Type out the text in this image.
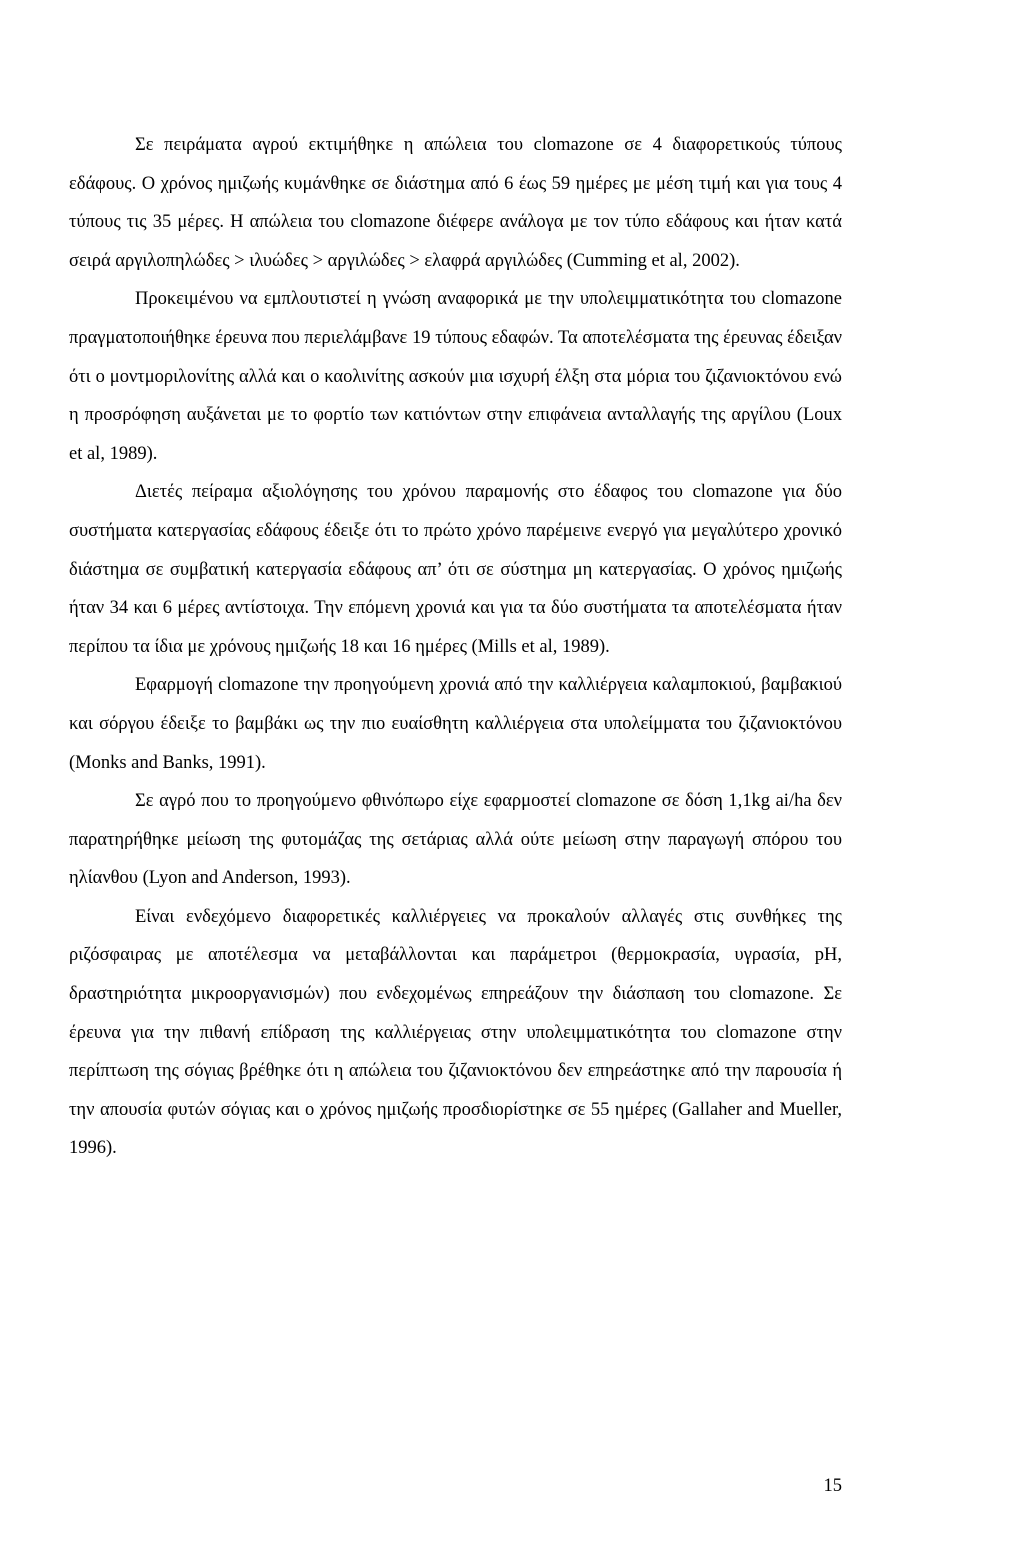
Σε πειράματα αγρού εκτιμήθηκε η απώλεια του clomazone σε 4 διαφορετικούς τύπους εδάφους. Ο χρόνος ημιζωής κυμάνθηκε σε διάστημα από 6 έως 59 ημέρες με μέση τιμή και για τους 4 τύπους τις 35 μέρες. Η απώλεια του clomazone διέφερε ανάλογα με τον τύπο εδάφους και ήταν κατά σειρά αργιλοπηλώδες > ιλυώδες > αργιλώδες > ελαφρά αργιλώδες (Cumming et al, 2002).

Προκειμένου να εμπλουτιστεί η γνώση αναφορικά με την υπολειμματικότητα του clomazone πραγματοποιήθηκε έρευνα που περιελάμβανε 19 τύπους εδαφών. Τα αποτελέσματα της έρευνας έδειξαν ότι ο μοντμοριλονίτης αλλά και ο καολινίτης ασκούν μια ισχυρή έλξη στα μόρια του ζιζανιοκτόνου ενώ η προσρόφηση αυξάνεται με το φορτίο των κατιόντων στην επιφάνεια ανταλλαγής της αργίλου (Loux et al, 1989).

Διετές πείραμα αξιολόγησης του χρόνου παραμονής στο έδαφος του clomazone για δύο συστήματα κατεργασίας εδάφους έδειξε ότι το πρώτο χρόνο παρέμεινε ενεργό για μεγαλύτερο χρονικό διάστημα σε συμβατική κατεργασία εδάφους απ’ ότι σε σύστημα μη κατεργασίας. Ο χρόνος ημιζωής ήταν 34 και 6 μέρες αντίστοιχα. Την επόμενη χρονιά και για τα δύο συστήματα τα αποτελέσματα ήταν περίπου τα ίδια με χρόνους ημιζωής 18 και 16 ημέρες (Mills et al, 1989).

Εφαρμογή clomazone την προηγούμενη χρονιά από την καλλιέργεια καλαμποκιού, βαμβακιού και σόργου έδειξε το βαμβάκι ως την πιο ευαίσθητη καλλιέργεια στα υπολείμματα του ζιζανιοκτόνου (Monks and Banks, 1991).

Σε αγρό που το προηγούμενο φθινόπωρο είχε εφαρμοστεί clomazone σε δόση 1,1kg ai/ha δεν παρατηρήθηκε μείωση της φυτομάζας της σετάριας αλλά ούτε μείωση στην παραγωγή σπόρου του ηλίανθου (Lyon and Anderson, 1993).

Είναι ενδεχόμενο διαφορετικές καλλιέργειες να προκαλούν αλλαγές στις συνθήκες της ριζόσφαιρας με αποτέλεσμα να μεταβάλλονται και παράμετροι (θερμοκρασία, υγρασία, pH, δραστηριότητα μικροοργανισμών) που ενδεχομένως επηρεάζουν την διάσπαση του clomazone. Σε έρευνα για την πιθανή επίδραση της καλλιέργειας στην υπολειμματικότητα του clomazone στην περίπτωση της σόγιας βρέθηκε ότι η απώλεια του ζιζανιοκτόνου δεν επηρεάστηκε από την παρουσία ή την απουσία φυτών σόγιας και ο χρόνος ημιζωής προσδιορίστηκε σε 55 ημέρες (Gallaher and Mueller, 1996).

15
